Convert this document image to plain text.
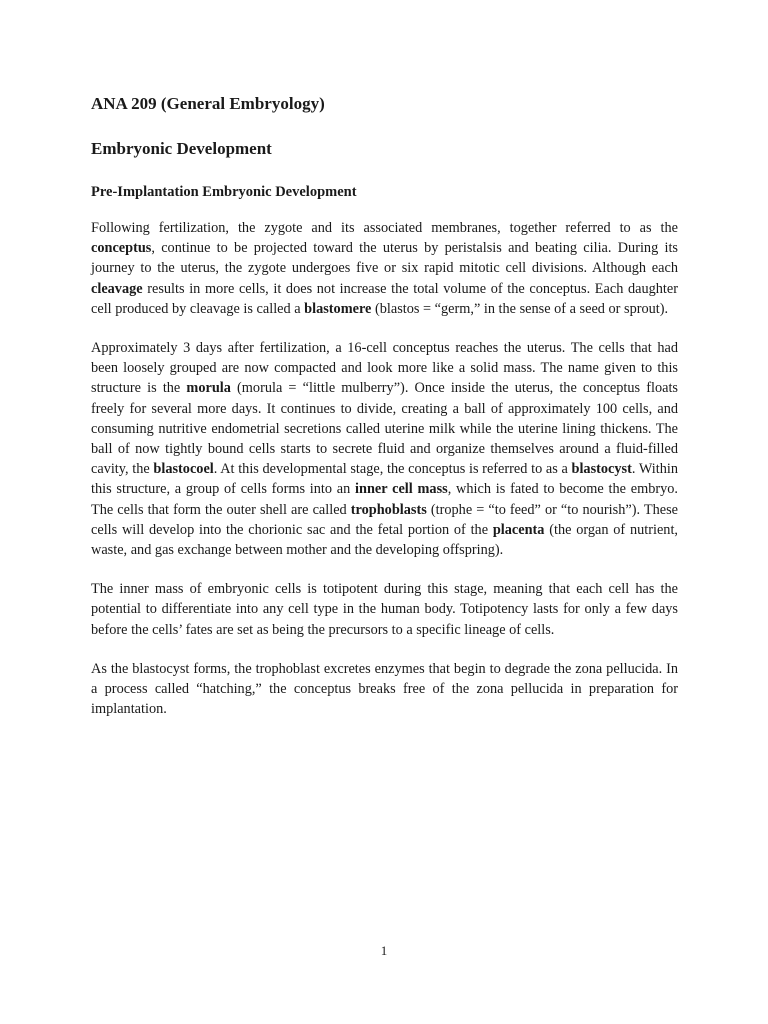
ANA 209 (General Embryology)
Embryonic Development
Pre-Implantation Embryonic Development

Following fertilization, the zygote and its associated membranes, together referred to as the conceptus, continue to be projected toward the uterus by peristalsis and beating cilia. During its journey to the uterus, the zygote undergoes five or six rapid mitotic cell divisions. Although each cleavage results in more cells, it does not increase the total volume of the conceptus. Each daughter cell produced by cleavage is called a blastomere (blastos = “germ,” in the sense of a seed or sprout).

Approximately 3 days after fertilization, a 16-cell conceptus reaches the uterus. The cells that had been loosely grouped are now compacted and look more like a solid mass. The name given to this structure is the morula (morula = “little mulberry”). Once inside the uterus, the conceptus floats freely for several more days. It continues to divide, creating a ball of approximately 100 cells, and consuming nutritive endometrial secretions called uterine milk while the uterine lining thickens. The ball of now tightly bound cells starts to secrete fluid and organize themselves around a fluid-filled cavity, the blastocoel. At this developmental stage, the conceptus is referred to as a blastocyst. Within this structure, a group of cells forms into an inner cell mass, which is fated to become the embryo. The cells that form the outer shell are called trophoblasts (trophe = “to feed” or “to nourish”). These cells will develop into the chorionic sac and the fetal portion of the placenta (the organ of nutrient, waste, and gas exchange between mother and the developing offspring).

The inner mass of embryonic cells is totipotent during this stage, meaning that each cell has the potential to differentiate into any cell type in the human body. Totipotency lasts for only a few days before the cells’ fates are set as being the precursors to a specific lineage of cells.

As the blastocyst forms, the trophoblast excretes enzymes that begin to degrade the zona pellucida. In a process called “hatching,” the conceptus breaks free of the zona pellucida in preparation for implantation.

1
